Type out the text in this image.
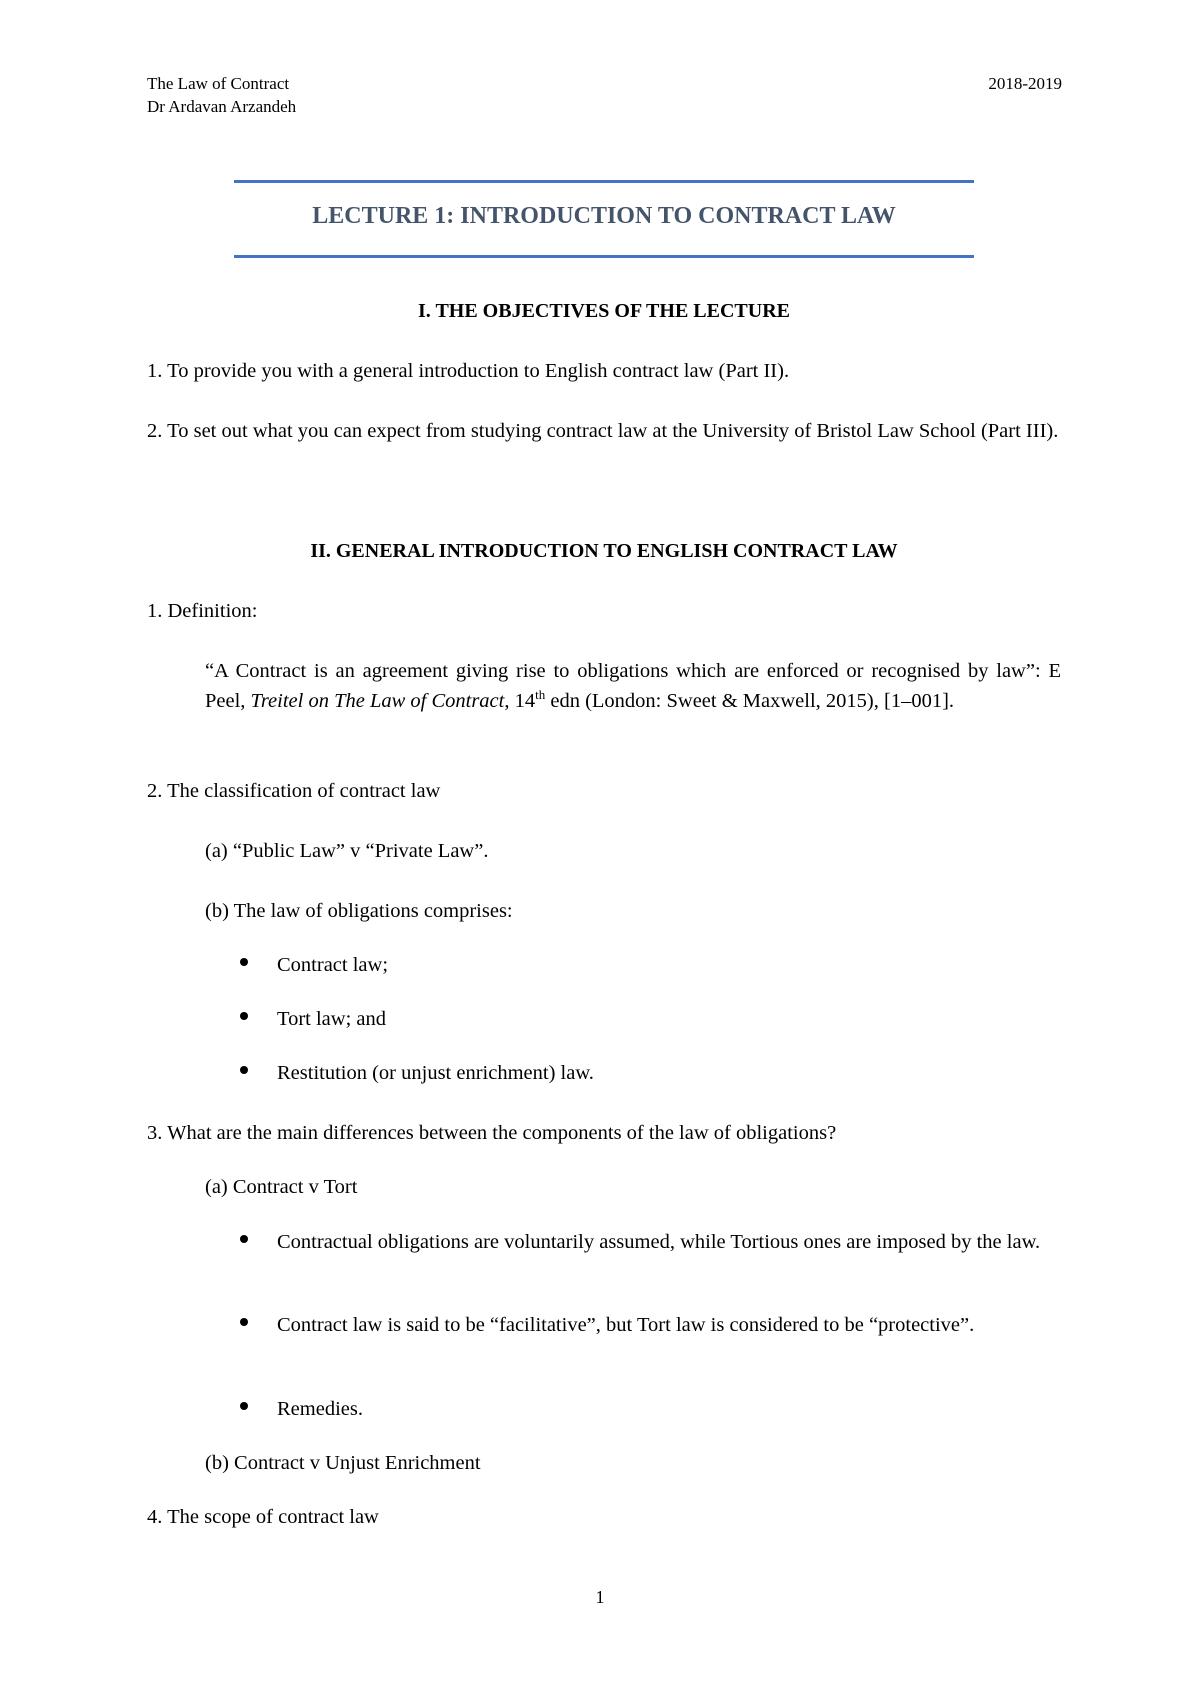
The Law of Contract
Dr Ardavan Arzandeh
2018-2019
LECTURE 1: INTRODUCTION TO CONTRACT LAW
I. THE OBJECTIVES OF THE LECTURE
1. To provide you with a general introduction to English contract law (Part II).
2. To set out what you can expect from studying contract law at the University of Bristol Law School (Part III).
II. GENERAL INTRODUCTION TO ENGLISH CONTRACT LAW
1. Definition:
“A Contract is an agreement giving rise to obligations which are enforced or recognised by law”: E Peel, Treitel on The Law of Contract, 14th edn (London: Sweet & Maxwell, 2015), [1–001].
2. The classification of contract law
(a) “Public Law” v “Private Law”.
(b) The law of obligations comprises:
Contract law;
Tort law; and
Restitution (or unjust enrichment) law.
3. What are the main differences between the components of the law of obligations?
(a) Contract v Tort
Contractual obligations are voluntarily assumed, while Tortious ones are imposed by the law.
Contract law is said to be “facilitative”, but Tort law is considered to be “protective”.
Remedies.
(b) Contract v Unjust Enrichment
4. The scope of contract law
1
